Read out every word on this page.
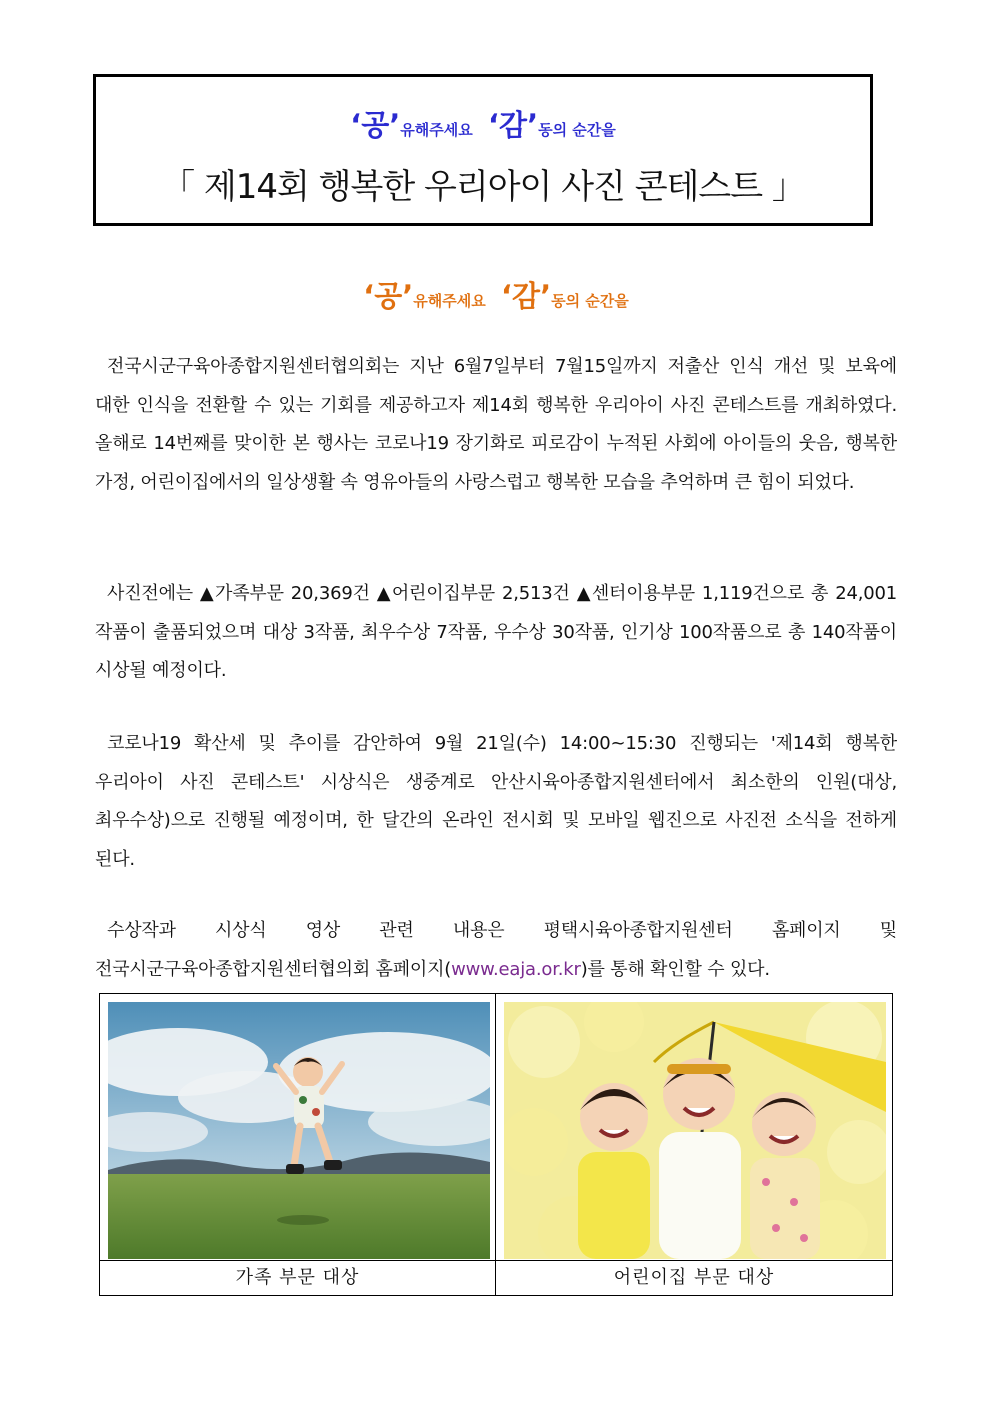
‘공’유해주세요 ‘감’동의 순간을
「 제14회 행복한 우리아이 사진 콘테스트 」
‘공’유해주세요 ‘감’동의 순간을

전국시군구육아종합지원센터협의회는 지난 6월7일부터 7월15일까지 저출산 인식 개선 및 보육에 대한 인식을 전환할 수 있는 기회를 제공하고자 제14회 행복한 우리아이 사진 콘테스트를 개최하였다. 올해로 14번째를 맞이한 본 행사는 코로나19 장기화로 피로감이 누적된 사회에 아이들의 웃음, 행복한 가정, 어린이집에서의 일상생활 속 영유아들의 사랑스럽고 행복한 모습을 추억하며 큰 힘이 되었다.

사진전에는 ▲가족부문 20,369건 ▲어린이집부문 2,513건 ▲센터이용부문 1,119건으로 총 24,001 작품이 출품되었으며 대상 3작품, 최우수상 7작품, 우수상 30작품, 인기상 100작품으로 총 140작품이 시상될 예정이다.

코로나19 확산세 및 추이를 감안하여 9월 21일(수) 14:00~15:30 진행되는 '제14회 행복한 우리아이 사진 콘테스트' 시상식은 생중계로 안산시육아종합지원센터에서 최소한의 인원(대상, 최우수상)으로 진행될 예정이며, 한 달간의 온라인 전시회 및 모바일 웹진으로 사진전 소식을 전하게 된다.

수상작과 시상식 영상 관련 내용은 평택시육아종합지원센터 홈페이지 및 전국시군구육아종합지원센터협의회 홈페이지(www.eaja.or.kr)를 통해 확인할 수 있다.

가족 부문 대상	어린이집 부문 대상
